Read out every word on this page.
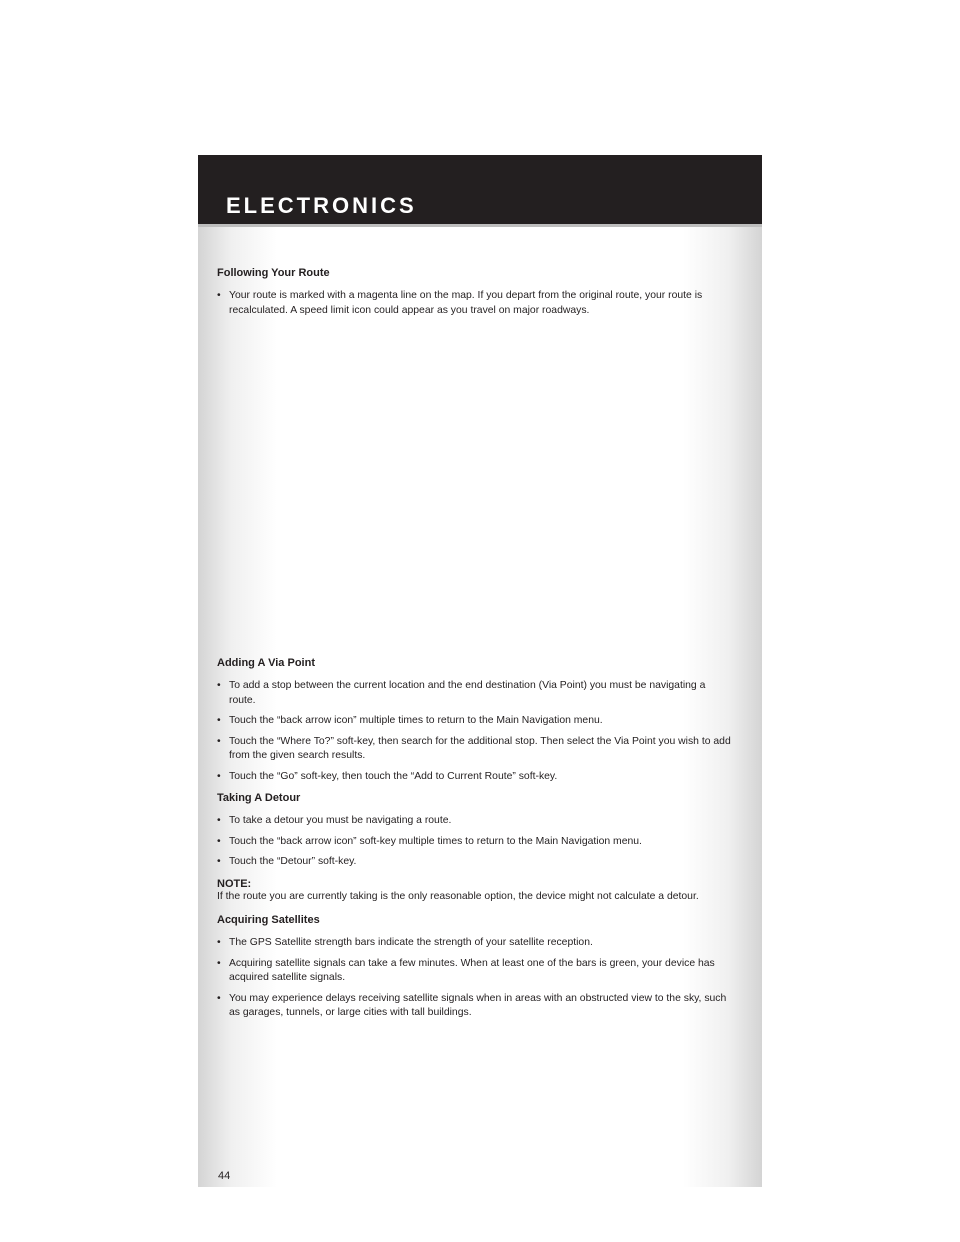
ELECTRONICS
Following Your Route
• Your route is marked with a magenta line on the map. If you depart from the original route, your route is recalculated. A speed limit icon could appear as you travel on major roadways.
Adding A Via Point
• To add a stop between the current location and the end destination (Via Point) you must be navigating a route.
• Touch the “back arrow icon” multiple times to return to the Main Navigation menu.
• Touch the “Where To?” soft-key, then search for the additional stop. Then select the Via Point you wish to add from the given search results.
• Touch the “Go” soft-key, then touch the “Add to Current Route” soft-key.
Taking A Detour
• To take a detour you must be navigating a route.
• Touch the “back arrow icon” soft-key multiple times to return to the Main Navigation menu.
• Touch the “Detour” soft-key.
NOTE:
If the route you are currently taking is the only reasonable option, the device might not calculate a detour.
Acquiring Satellites
• The GPS Satellite strength bars indicate the strength of your satellite reception.
• Acquiring satellite signals can take a few minutes. When at least one of the bars is green, your device has acquired satellite signals.
• You may experience delays receiving satellite signals when in areas with an obstructed view to the sky, such as garages, tunnels, or large cities with tall buildings.
44
